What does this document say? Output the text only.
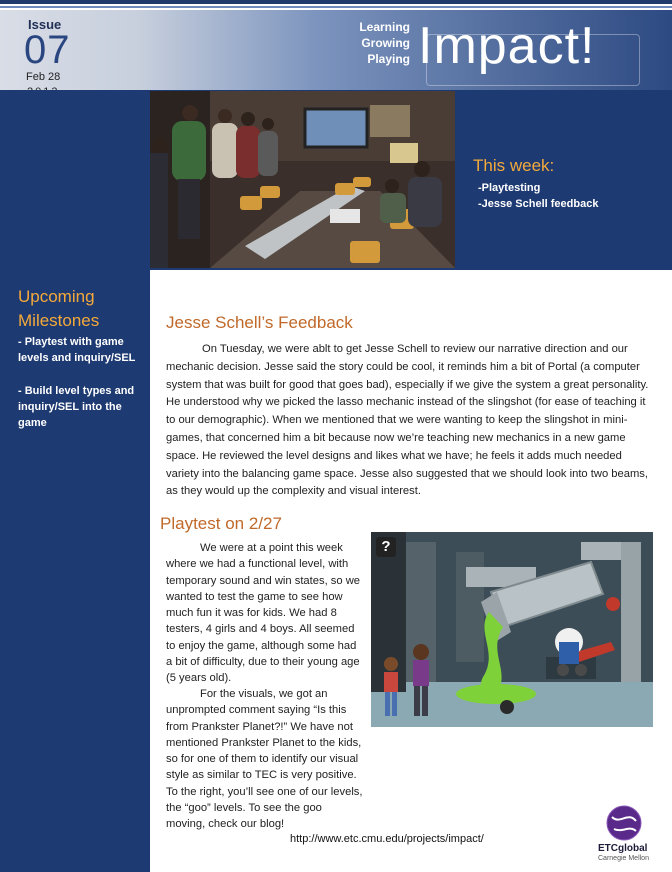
Issue
07
Feb 28
Learning
Growing
Playing Impact!
This week:
-Playtesting
-Jesse Schell feedback
Upcoming
Milestones
- Playtest with game levels and inquiry/SEL
- Build level types and inquiry/SEL into the game
Jesse Schell’s Feedback

On Tuesday, we were ablt to get Jesse Schell to review our narrative direction and our mechanic decision. Jesse said the story could be cool, it reminds him a bit of Portal (a computer system that was built for good that goes bad), especially if we give the system a great personality. He understood why we picked the lasso mechanic instead of the slingshot (for ease of teaching it to our demographic). When we mentioned that we were wanting to keep the slingshot in mini-games, that concerned him a bit because now we’re teaching new mechanics in a new game space. He reviewed the level designs and likes what we have; he feels it adds much needed variety into the balancing game space. Jesse also suggested that we should look into two beams, as they would up the complexity and visual interest.

Playtest on 2/27

We were at a point this week where we had a functional level, with temporary sound and win states, so we wanted to test the game to see how much fun it was for kids. We had 8 testers, 4 girls and 4 boys. All seemed to enjoy the game, although some had a bit of difficulty, due to their young age (5 years old).

For the visuals, we got an unprompted comment saying “Is this from Prankster Planet?!” We have not mentioned Prankster Planet to the kids, so for one of them to identify our visual style as similar to TEC is very positive. To the right, you’ll see one of our levels, the “goo” levels. To see the goo moving, check our blog!

?
http://www.etc.cmu.edu/projects/impact/
ETCglobal
Carnegie Mellon
